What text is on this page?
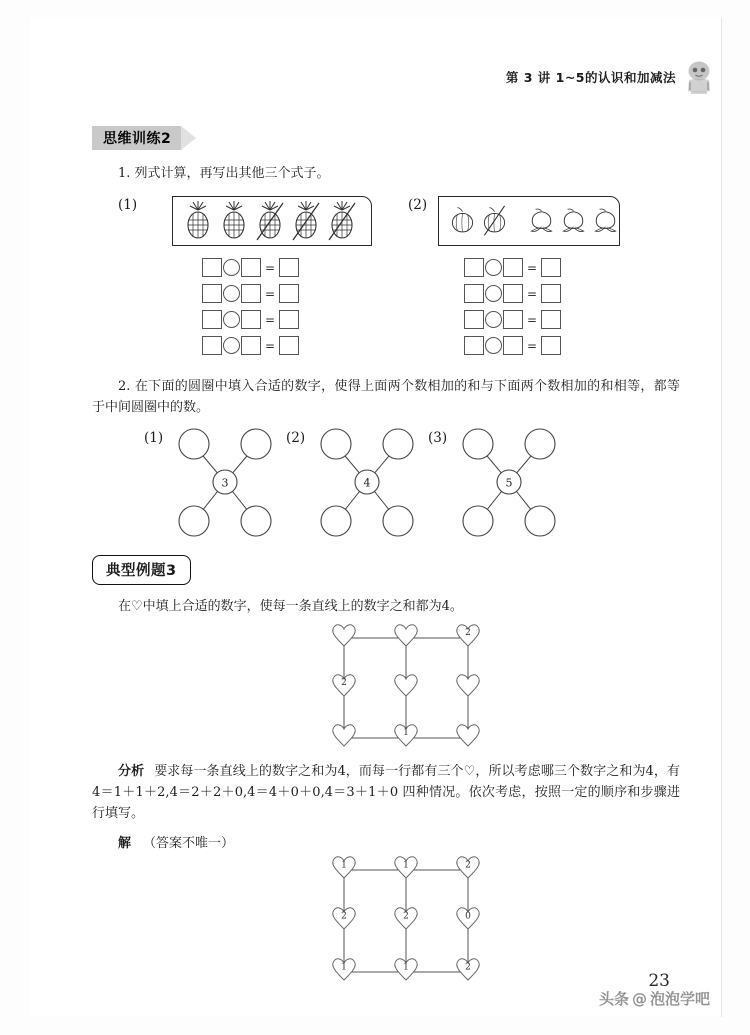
第 3 讲 1~5的认识和加减法
思维训练2
1. 列式计算，再写出其他三个式子。
(1)	(2)
=
=
=
=
=
=
=
=
2. 在下面的圆圈中填入合适的数字，使得上面两个数相加的和与下面两个数相加的和相等，都等于中间圆圈中的数。
(1)
3
(2)
4
(3)
5
典型例题3
在♡中填上合适的数字，使每一条直线上的数字之和都为4。
2
2
1
分析 要求每一条直线上的数字之和为4，而每一行都有三个♡，所以考虑哪三个数字之和为4，有4＝1＋1＋2,4＝2＋2＋0,4＝4＋0＋0,4＝3＋1＋0 四种情况。依次考虑，按照一定的顺序和步骤进行填写。
解 （答案不唯一）
1	1	2
2	2	0
1	1	2
23
头条 @ 泡泡学吧
